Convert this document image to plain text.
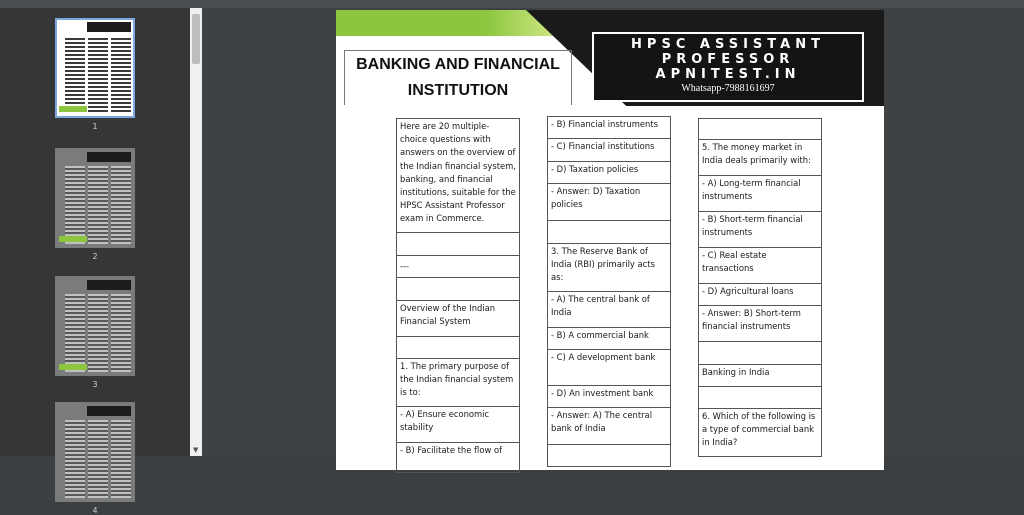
1
2
3
4
▼
BANKING AND FINANCIAL
INSTITUTION
HPSC ASSISTANT
PROFESSOR
APNITEST.IN
Whatsapp-7988161697
Here are 20 multiple-choice questions with answers on the overview of the Indian financial system, banking, and financial institutions, suitable for the HPSC Assistant Professor exam in Commerce.
---
Overview of the Indian Financial System
1. The primary purpose of the Indian financial system is to:
- A) Ensure economic stability
- B) Facilitate the flow of
- B) Financial instruments
- C) Financial institutions
- D) Taxation policies
- Answer: D) Taxation policies
3. The Reserve Bank of India (RBI) primarily acts as:
- A) The central bank of India
- B) A commercial bank
- C) A development bank
- D) An investment bank
- Answer: A) The central bank of India
5. The money market in India deals primarily with:
- A) Long-term financial instruments
- B) Short-term financial instruments
- C) Real estate transactions
- D) Agricultural loans
- Answer: B) Short-term financial instruments
Banking in India
6. Which of the following is a type of commercial bank in India?
